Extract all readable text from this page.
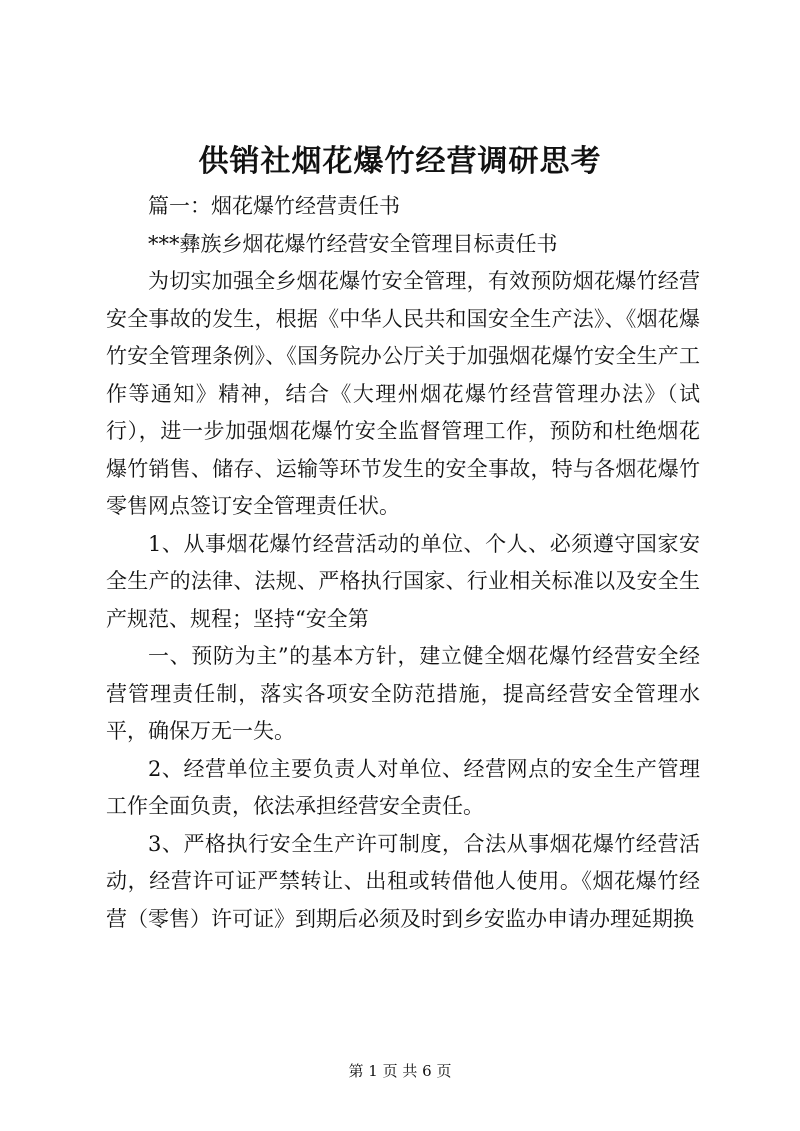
供销社烟花爆竹经营调研思考

篇一：烟花爆竹经营责任书

***彝族乡烟花爆竹经营安全管理目标责任书

为切实加强全乡烟花爆竹安全管理，有效预防烟花爆竹经营安全事故的发生，根据《中华人民共和国安全生产法》、《烟花爆竹安全管理条例》、《国务院办公厅关于加强烟花爆竹安全生产工作等通知》精神，结合《大理州烟花爆竹经营管理办法》（试行），进一步加强烟花爆竹安全监督管理工作，预防和杜绝烟花爆竹销售、储存、运输等环节发生的安全事故，特与各烟花爆竹零售网点签订安全管理责任状。

1、从事烟花爆竹经营活动的单位、个人、必须遵守国家安全生产的法律、法规、严格执行国家、行业相关标准以及安全生产规范、规程；坚持“安全第

一、预防为主”的基本方针，建立健全烟花爆竹经营安全经营管理责任制，落实各项安全防范措施，提高经营安全管理水平，确保万无一失。

2、经营单位主要负责人对单位、经营网点的安全生产管理工作全面负责，依法承担经营安全责任。

3、严格执行安全生产许可制度，合法从事烟花爆竹经营活动，经营许可证严禁转让、出租或转借他人使用。《烟花爆竹经营（零售）许可证》到期后必须及时到乡安监办申请办理延期换

第 1 页 共 6 页
